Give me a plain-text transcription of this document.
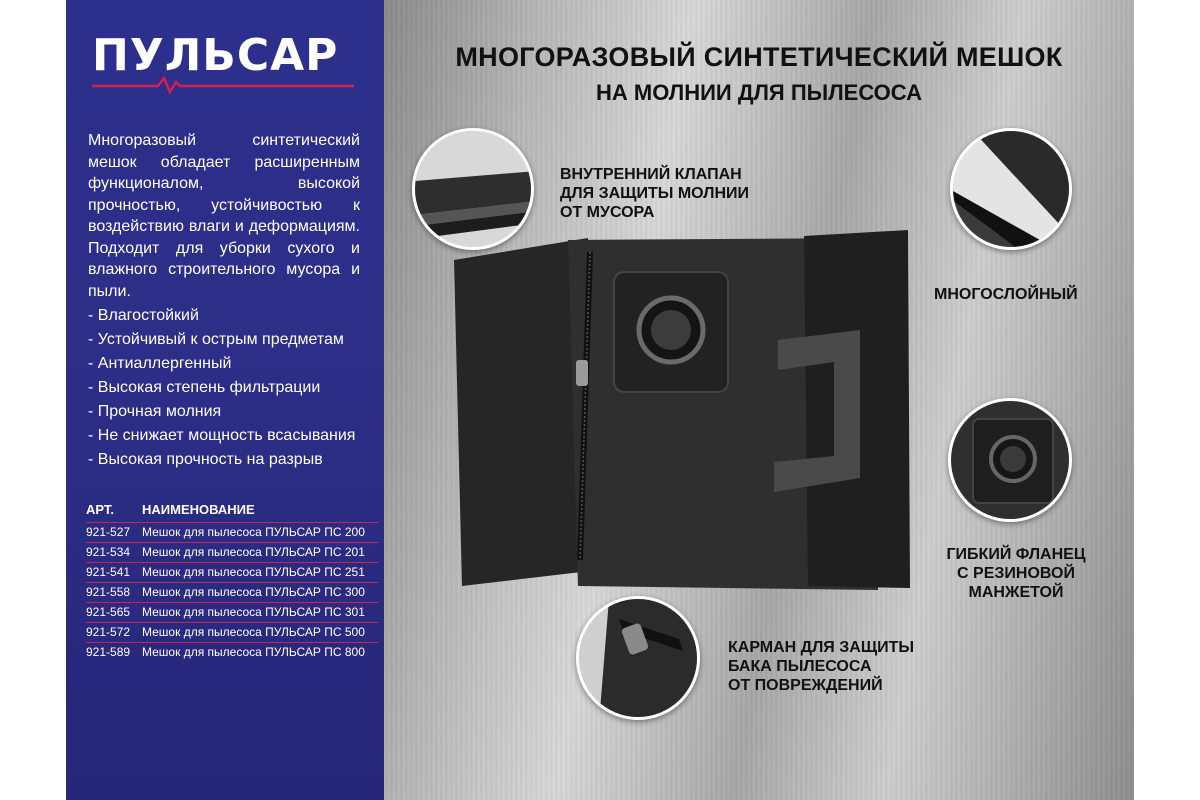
ПУЛЬСАР

Многоразовый синтетический мешок обладает расширенным функционалом, высокой прочностью, устойчивостью к воздействию влаги и деформациям. Подходит для уборки сухого и влажного строительного мусора и пыли.

- Влагостойкий
- Устойчивый к острым предметам
- Антиаллергенный
- Высокая степень фильтрации
- Прочная молния
- Не снижает мощность всасывания
- Высокая прочность на разрыв
АРТ.	НАИМЕНОВАНИЕ
921-527 Мешок для пылесоса ПУЛЬСАР ПС 200
921-534 Мешок для пылесоса ПУЛЬСАР ПС 201
921-541 Мешок для пылесоса ПУЛЬСАР ПС 251
921-558 Мешок для пылесоса ПУЛЬСАР ПС 300
921-565 Мешок для пылесоса ПУЛЬСАР ПС 301
921-572 Мешок для пылесоса ПУЛЬСАР ПС 500
921-589 Мешок для пылесоса ПУЛЬСАР ПС 800
МНОГОРАЗОВЫЙ СИНТЕТИЧЕСКИЙ МЕШОК
НА МОЛНИИ ДЛЯ ПЫЛЕСОСА
ВНУТРЕННИЙ КЛАПАН
ДЛЯ ЗАЩИТЫ МОЛНИИ
ОТ МУСОРА
МНОГОСЛОЙНЫЙ
ГИБКИЙ ФЛАНЕЦ
С РЕЗИНОВОЙ
МАНЖЕТОЙ
КАРМАН ДЛЯ ЗАЩИТЫ
БАКА ПЫЛЕСОСА
ОТ ПОВРЕЖДЕНИЙ
